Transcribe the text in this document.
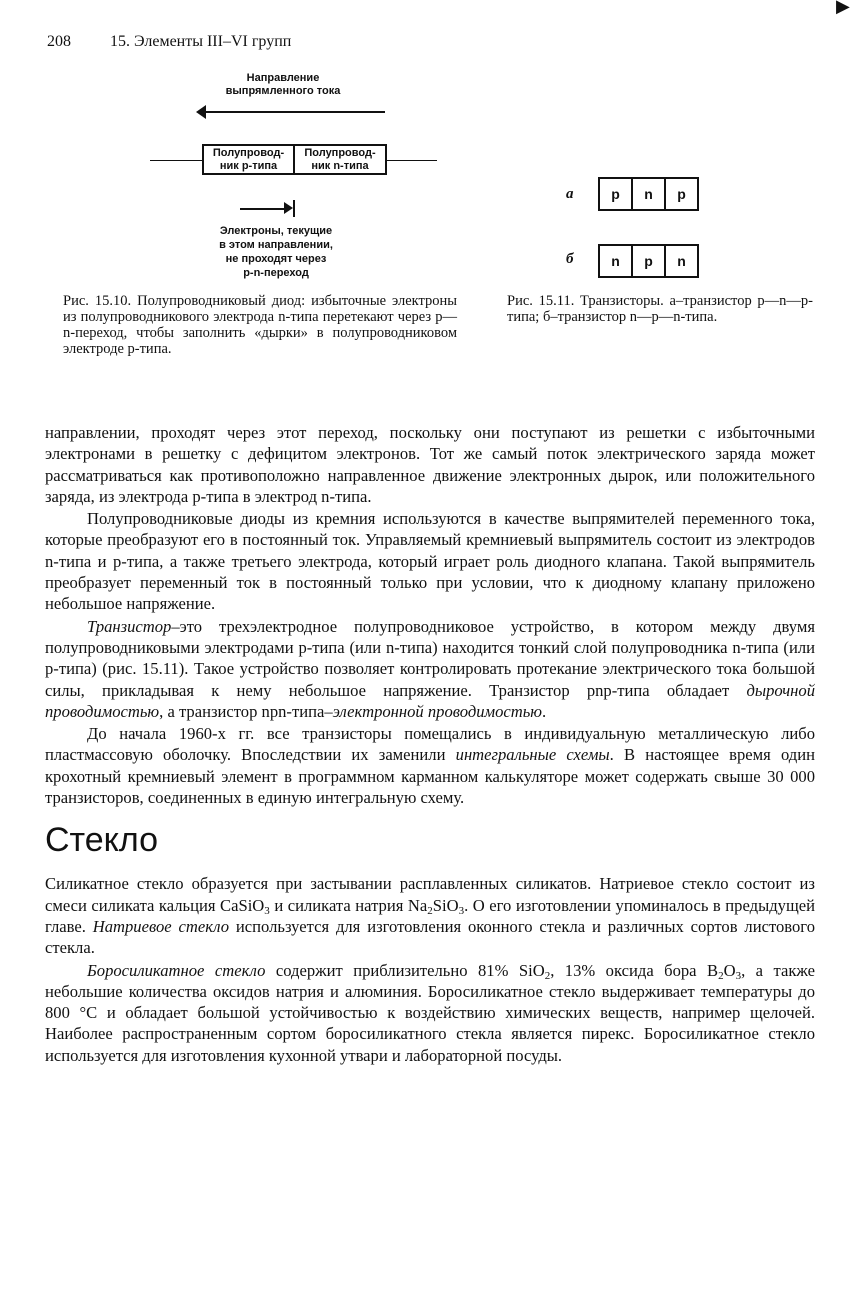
208 15. Элементы III–VI групп
▶
Направление
выпрямленного тока
Полупровод-
ник р-типа
Полупровод-
ник n-типа
Электроны, текущие
в этом направлении,
не проходят через
р-n-переход
Рис. 15.10. Полупроводниковый диод: избыточные электроны из полупроводникового электрода n-типа перетекают через р—n-переход, чтобы заполнить «дырки» в полупроводниковом электроде р-типа.
а	p	n	p
б	n	p	n
Рис. 15.11. Транзисторы. а–транзистор р—n—р-типа; б–транзистор n—р—n-типа.

направлении, проходят через этот переход, поскольку они поступают из решетки с избыточными электронами в решетку с дефицитом электронов. Тот же самый поток электрического заряда может рассматриваться как противоположно направленное движение электронных дырок, или положительного заряда, из электрода р-типа в электрод n-типа.

Полупроводниковые диоды из кремния используются в качестве выпрямителей переменного тока, которые преобразуют его в постоянный ток. Управляемый кремниевый выпрямитель состоит из электродов n-типа и р-типа, а также третьего электрода, который играет роль диодного клапана. Такой выпрямитель преобразует переменный ток в постоянный только при условии, что к диодному клапану приложено небольшое напряжение.

Транзистор–это трехэлектродное полупроводниковое устройство, в котором между двумя полупроводниковыми электродами р-типа (или n-типа) находится тонкий слой полупроводника n-типа (или р-типа) (рис. 15.11). Такое устройство позволяет контролировать протекание электрического тока большой силы, прикладывая к нему небольшое напряжение. Транзистор pnp-типа обладает дырочной проводимостью, а транзистор npn-типа–электронной проводимостью.

До начала 1960-х гг. все транзисторы помещались в индивидуальную металлическую либо пластмассовую оболочку. Впоследствии их заменили интегральные схемы. В настоящее время один крохотный кремниевый элемент в программном карманном калькуляторе может содержать свыше 30 000 транзисторов, соединенных в единую интегральную схему.

Стекло

Силикатное стекло образуется при застывании расплавленных силикатов. Натриевое стекло состоит из смеси силиката кальция CaSiO$_3$ и силиката натрия $Na_2SiO_3$. О его изготовлении упоминалось в предыдущей главе. Натриевое стекло используется для изготовления оконного стекла и различных сортов листового стекла.

Боросиликатное стекло содержит приблизительно 81% SiO$_2$, 13% оксида бора $B_2O_3$, а также небольшие количества оксидов натрия и алюминия. Боросиликатное стекло выдерживает температуры до 800 °С и обладает большой устойчивостью к воздействию химических веществ, например щелочей. Наиболее распространенным сортом боросиликатного стекла является пирекс. Боросиликатное стекло используется для изготовления кухонной утвари и лабораторной посуды.
